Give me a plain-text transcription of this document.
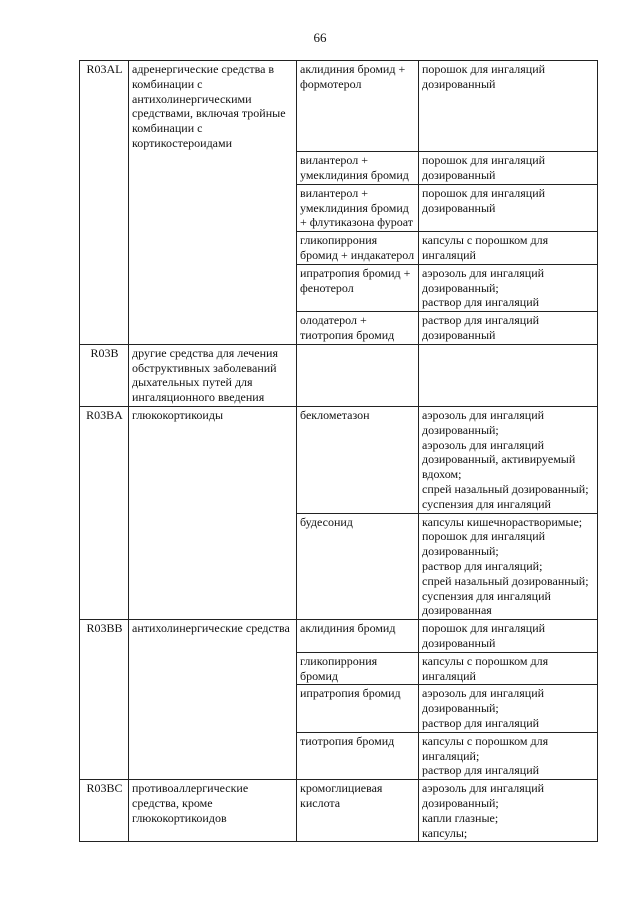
66
R03AL	адренергические средства в комбинации с антихолинергическими средствами, включая тройные комбинации с кортикостероидами	аклидиния бромид + формотерол	порошок для ингаляций дозированный
		вилантерол + умеклидиния бромид	порошок для ингаляций дозированный
		вилантерол + умеклидиния бромид + флутиказона фуроат	порошок для ингаляций дозированный
		гликопиррония бромид + индакатерол	капсулы с порошком для ингаляций
		ипратропия бромид + фенотерол	аэрозоль для ингаляций дозированный;
раствор для ингаляций
		олодатерол + тиотропия бромид	раствор для ингаляций дозированный
R03B	другие средства для лечения обструктивных заболеваний дыхательных путей для ингаляционного введения		
R03BA	глюкокортикоиды	беклометазон	аэрозоль для ингаляций дозированный;
аэрозоль для ингаляций дозированный, активируемый вдохом;
спрей назальный дозированный;
суспензия для ингаляций
		будесонид	капсулы кишечнорастворимые;
порошок для ингаляций дозированный;
раствор для ингаляций;
спрей назальный дозированный;
суспензия для ингаляций дозированная
R03BB	антихолинергические средства	аклидиния бромид	порошок для ингаляций дозированный
		гликопиррония бромид	капсулы с порошком для ингаляций
		ипратропия бромид	аэрозоль для ингаляций дозированный;
раствор для ингаляций
		тиотропия бромид	капсулы с порошком для ингаляций;
раствор для ингаляций
R03BC	противоаллергические средства, кроме глюкокортикоидов	кромоглициевая кислота	аэрозоль для ингаляций дозированный;
капли глазные;
капсулы;
